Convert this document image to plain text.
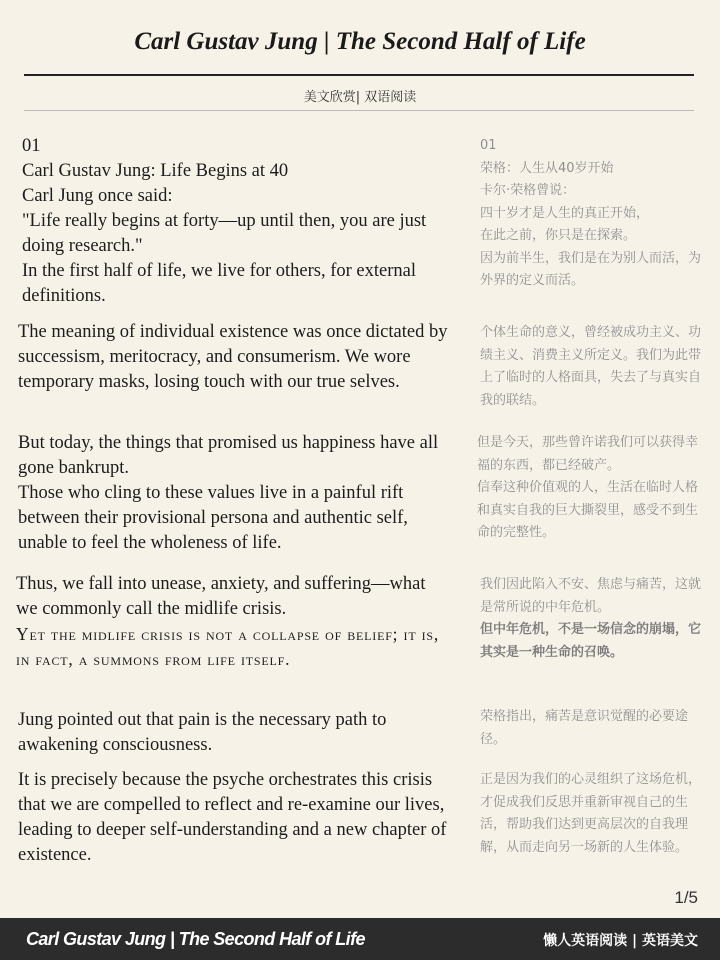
Carl Gustav Jung | The Second Half of Life
美文欣赏| 双语阅读

01

Carl Gustav Jung: Life Begins at 40

Carl Jung once said:

"Life really begins at forty—up until then, you are just doing research."

In the first half of life, we live for others, for external definitions.

01

荣格：人生从40岁开始

卡尔·荣格曾说：

四十岁才是人生的真正开始，

在此之前，你只是在探索。

因为前半生，我们是在为别人而活，为外界的定义而活。

The meaning of individual existence was once dictated by successism, meritocracy, and consumerism. We wore temporary masks, losing touch with our true selves.

个体生命的意义，曾经被成功主义、功绩主义、消费主义所定义。我们为此带上了临时的人格面具，失去了与真实自我的联结。

But today, the things that promised us happiness have all gone bankrupt.

Those who cling to these values live in a painful rift between their provisional persona and authentic self, unable to feel the wholeness of life.

但是今天，那些曾许诺我们可以获得幸福的东西，都已经破产。

信奉这种价值观的人，生活在临时人格和真实自我的巨大撕裂里，感受不到生命的完整性。

Thus, we fall into unease, anxiety, and suffering—what we commonly call the midlife crisis.

Yet the midlife crisis is not a collapse of belief; it is, in fact, a summons from life itself.

我们因此陷入不安、焦虑与痛苦，这就是常所说的中年危机。

但中年危机，不是一场信念的崩塌，它其实是一种生命的召唤。

Jung pointed out that pain is the necessary path to awakening consciousness.

荣格指出，痛苦是意识觉醒的必要途径。

It is precisely because the psyche orchestrates this crisis that we are compelled to reflect and re-examine our lives, leading to deeper self-understanding and a new chapter of existence.

正是因为我们的心灵组织了这场危机，才促成我们反思并重新审视自己的生活，帮助我们达到更高层次的自我理解，从而走向另一场新的人生体验。

1/5
Carl Gustav Jung | The Second Half of Life	懒人英语阅读 | 英语美文
